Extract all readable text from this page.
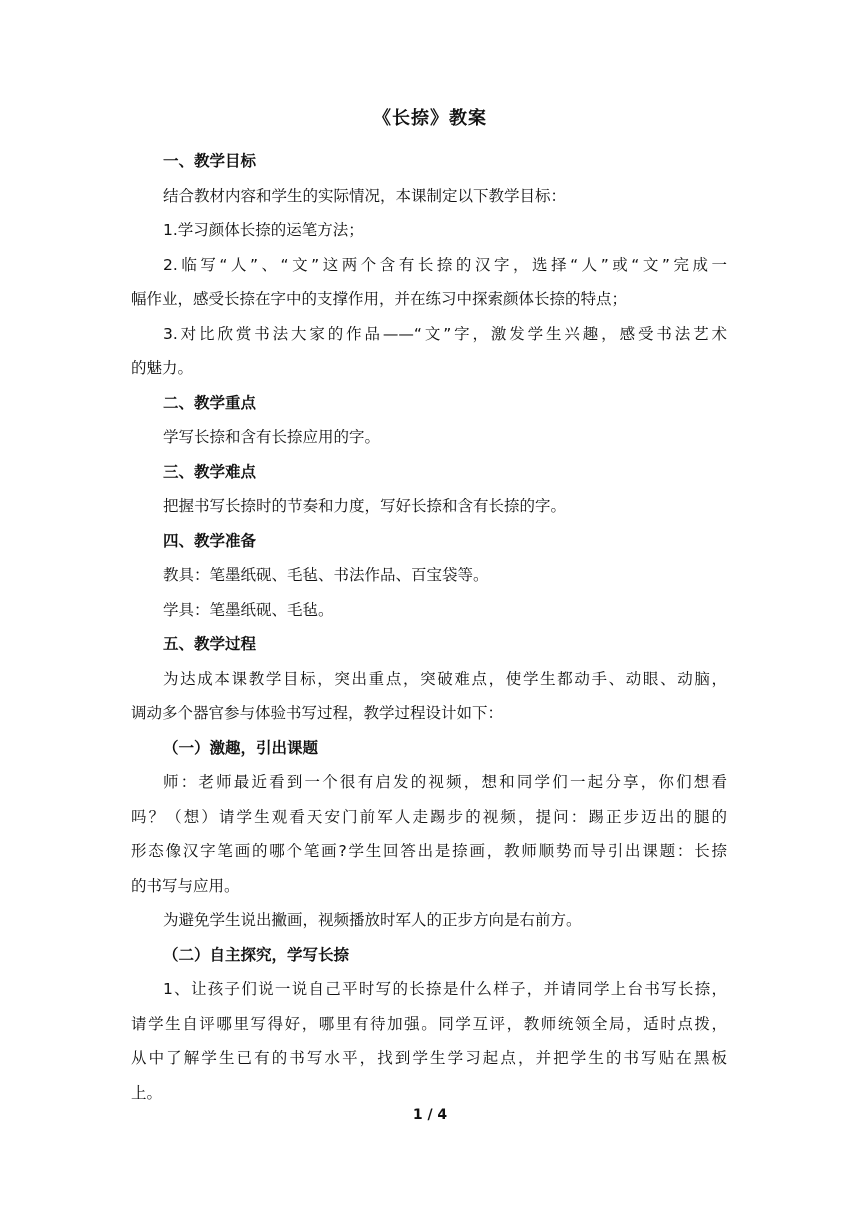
《长捺》教案
一、教学目标
结合教材内容和学生的实际情况，本课制定以下教学目标：
1.学习颜体长捺的运笔方法；
2.临写“人”、“文”这两个含有长捺的汉字，选择“人”或“文”完成一
幅作业，感受长捺在字中的支撑作用，并在练习中探索颜体长捺的特点；
3.对比欣赏书法大家的作品——“文”字，激发学生兴趣，感受书法艺术
的魅力。
二、教学重点
学写长捺和含有长捺应用的字。
三、教学难点
把握书写长捺时的节奏和力度，写好长捺和含有长捺的字。
四、教学准备
教具：笔墨纸砚、毛毡、书法作品、百宝袋等。
学具：笔墨纸砚、毛毡。
五、教学过程
为达成本课教学目标，突出重点，突破难点，使学生都动手、动眼、动脑，
调动多个器官参与体验书写过程，教学过程设计如下：
（一）激趣，引出课题
师：老师最近看到一个很有启发的视频，想和同学们一起分享，你们想看
吗？（想）请学生观看天安门前军人走踢步的视频，提问：踢正步迈出的腿的
形态像汉字笔画的哪个笔画?学生回答出是捺画，教师顺势而导引出课题：长捺
的书写与应用。
为避免学生说出撇画，视频播放时军人的正步方向是右前方。
（二）自主探究，学写长捺
1、让孩子们说一说自己平时写的长捺是什么样子，并请同学上台书写长捺，
请学生自评哪里写得好，哪里有待加强。同学互评，教师统领全局，适时点拨，
从中了解学生已有的书写水平，找到学生学习起点，并把学生的书写贴在黑板
上。
1 / 4
